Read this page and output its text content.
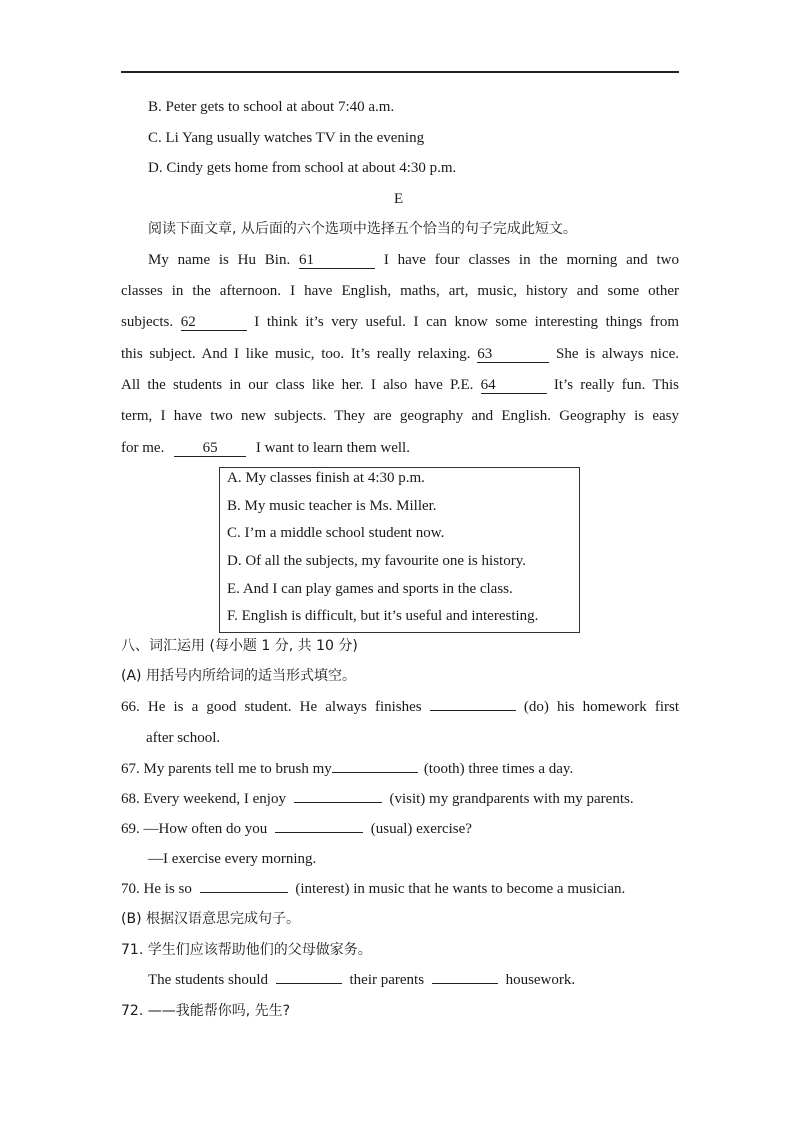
B. Peter gets to school at about 7:40 a.m.
C. Li Yang usually watches TV in the evening
D. Cindy gets home from school at about 4:30 p.m.
E
阅读下面文章, 从后面的六个选项中选择五个恰当的句子完成此短文。
My name is Hu Bin. 61	I have four classes in the morning and two
classes in the afternoon. I have English, maths, art, music, history and some other
subjects. 62	I think it’s very useful. I can know some interesting things from
this subject. And I like music, too. It’s really relaxing. 63	She is always nice.
All the students in our class like her. I also have P.E. 64	It’s really fun. This
term, I have two new subjects. They are geography and English. Geography is easy
for me.	65	I want to learn them well.
A. My classes finish at 4:30 p.m.
B. My music teacher is Ms. Miller.
C. I’m a middle school student now.
D. Of all the subjects, my favourite one is history.
E. And I can play games and sports in the class.
F. English is difficult, but it’s useful and interesting.
八、词汇运用 (每小题 1 分, 共 10 分)
(A) 用括号内所给词的适当形式填空。
66. He is a good student. He always finishes	(do) his homework first
after school.
67. My parents tell me to brush my	(tooth) three times a day.
68. Every weekend, I enjoy	(visit) my grandparents with my parents.
69. —How often do you	(usual) exercise?
—I exercise every morning.
70. He is so	(interest) in music that he wants to become a musician.
(B) 根据汉语意思完成句子。
71. 学生们应该帮助他们的父母做家务。
The students should	their parents	housework.
72. ——我能帮你吗, 先生?
